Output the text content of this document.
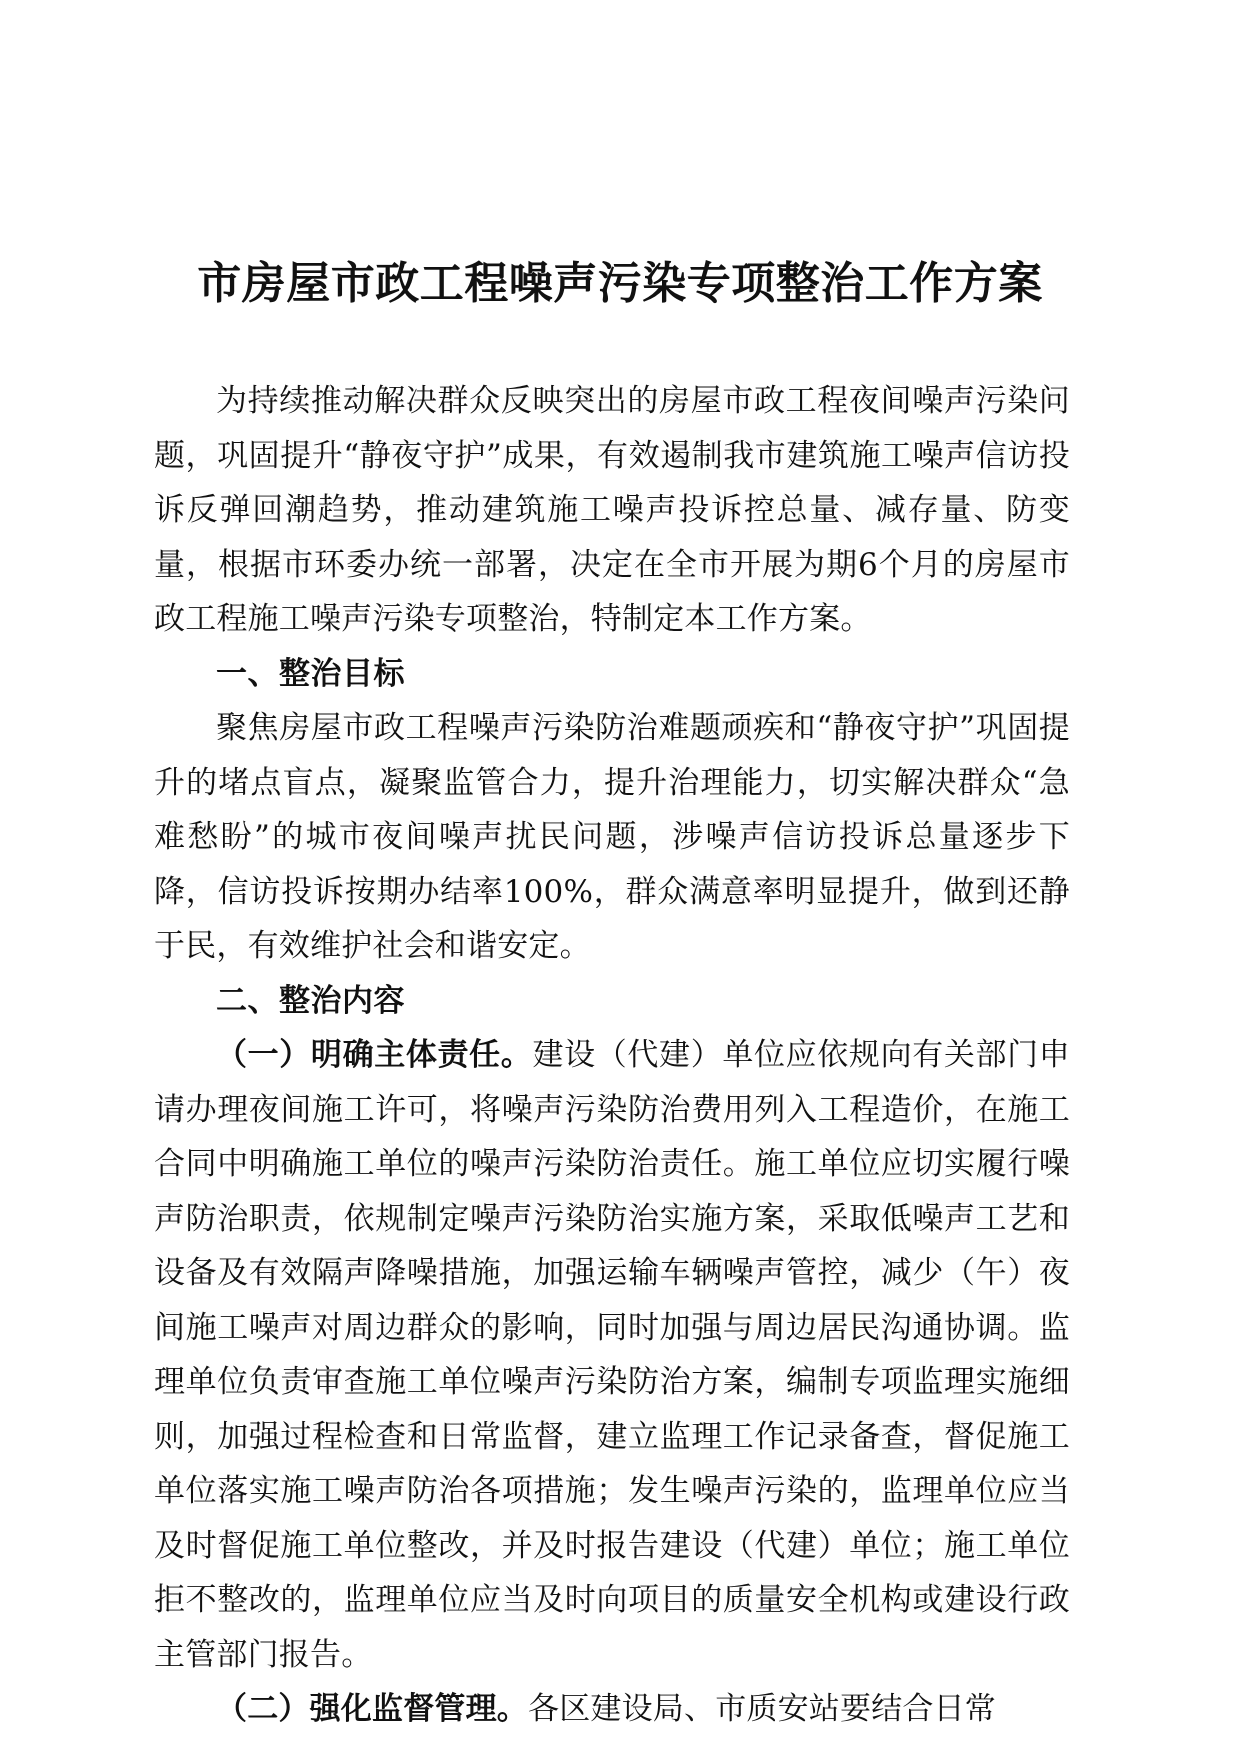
市房屋市政工程噪声污染专项整治工作方案

为持续推动解决群众反映突出的房屋市政工程夜间噪声污染问题，巩固提升“静夜守护”成果，有效遏制我市建筑施工噪声信访投诉反弹回潮趋势，推动建筑施工噪声投诉控总量、减存量、防变量，根据市环委办统一部署，决定在全市开展为期6个月的房屋市政工程施工噪声污染专项整治，特制定本工作方案。

一、整治目标

聚焦房屋市政工程噪声污染防治难题顽疾和“静夜守护”巩固提升的堵点盲点，凝聚监管合力，提升治理能力，切实解决群众“急难愁盼”的城市夜间噪声扰民问题，涉噪声信访投诉总量逐步下降，信访投诉按期办结率100%，群众满意率明显提升，做到还静于民，有效维护社会和谐安定。

二、整治内容

（一）明确主体责任。建设（代建）单位应依规向有关部门申请办理夜间施工许可，将噪声污染防治费用列入工程造价，在施工合同中明确施工单位的噪声污染防治责任。施工单位应切实履行噪声防治职责，依规制定噪声污染防治实施方案，采取低噪声工艺和设备及有效隔声降噪措施，加强运输车辆噪声管控，减少（午）夜间施工噪声对周边群众的影响，同时加强与周边居民沟通协调。监理单位负责审查施工单位噪声污染防治方案，编制专项监理实施细则，加强过程检查和日常监督，建立监理工作记录备查，督促施工单位落实施工噪声防治各项措施；发生噪声污染的，监理单位应当及时督促施工单位整改，并及时报告建设（代建）单位；施工单位拒不整改的，监理单位应当及时向项目的质量安全机构或建设行政主管部门报告。

（二）强化监督管理。各区建设局、市质安站要结合日常
